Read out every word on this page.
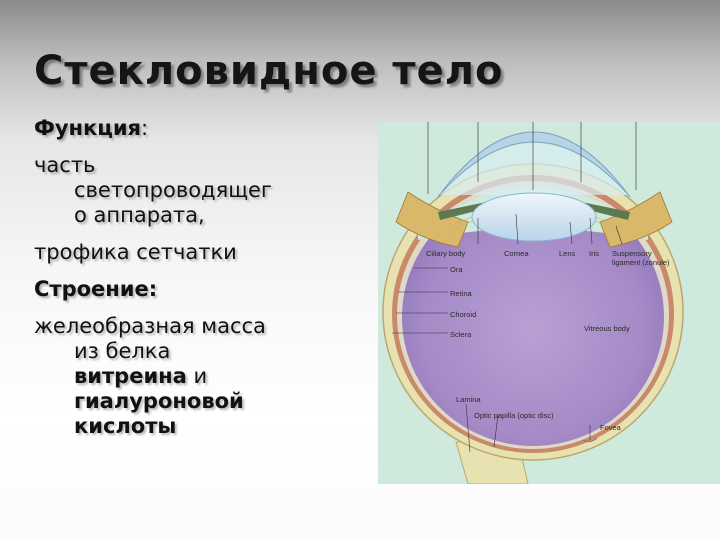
Стекловидное тело
Функция:
часть
светопроводящег
о аппарата,
трофика сетчатки
Строение:
желеобразная масса
из белка
витреина и
гиалуроновой
кислоты
Ciliary body	Cornea	Lens Iris Suspensory
ligament (zonule)
Ora
Retina
Choroid
Sclera
Vitreous body
Lamina
Optic papilla (optic disc)
Fovea
